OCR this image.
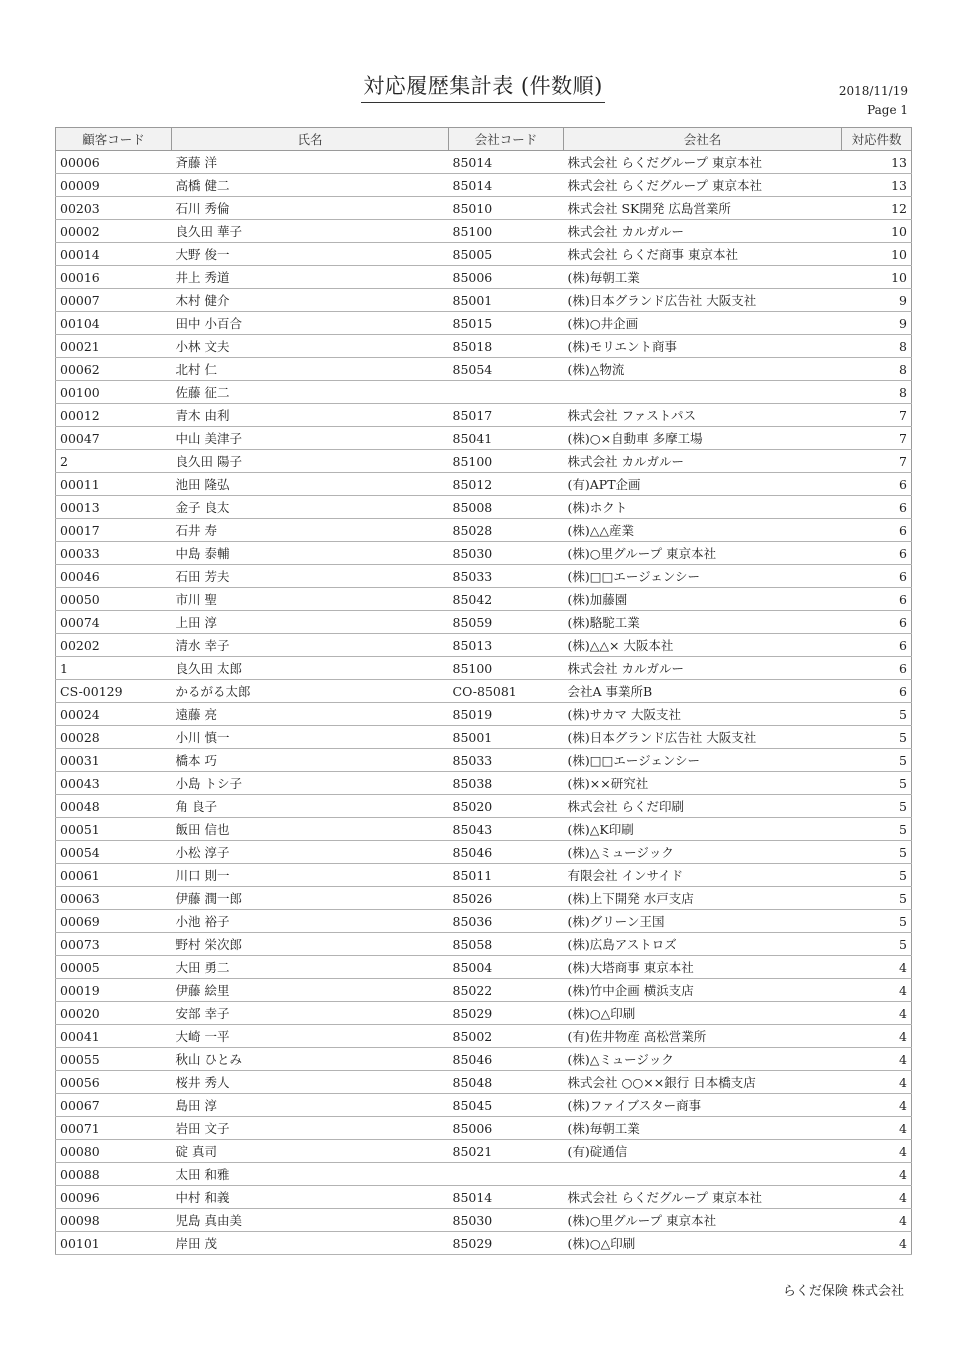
対応履歴集計表 (件数順)	2018/11/19
Page 1
顧客コード	氏名	会社コード	会社名	対応件数
00006	斉藤 洋	85014	株式会社 らくだグループ 東京本社	13
00009	高橋 健二	85014	株式会社 らくだグループ 東京本社	13
00203	石川 秀倫	85010	株式会社 SK開発 広島営業所	12
00002	良久田 華子	85100	株式会社 カルガルー	10
00014	大野 俊一	85005	株式会社 らくだ商事 東京本社	10
00016	井上 秀道	85006	(株)毎朝工業	10
00007	木村 健介	85001	(株)日本グランド広告社 大阪支社	9
00104	田中 小百合	85015	(株)○井企画	9
00021	小林 文夫	85018	(株)モリエント商事	8
00062	北村 仁	85054	(株)△物流	8
00100	佐藤 征二			8
00012	青木 由利	85017	株式会社 ファストパス	7
00047	中山 美津子	85041	(株)○×自動車 多摩工場	7
2	良久田 陽子	85100	株式会社 カルガルー	7
00011	池田 隆弘	85012	(有)APT企画	6
00013	金子 良太	85008	(株)ホクト	6
00017	石井 寿	85028	(株)△△産業	6
00033	中島 泰輔	85030	(株)○里グループ 東京本社	6
00046	石田 芳夫	85033	(株)□□エージェンシー	6
00050	市川 聖	85042	(株)加藤園	6
00074	上田 淳	85059	(株)駱駝工業	6
00202	清水 幸子	85013	(株)△△× 大阪本社	6
1	良久田 太郎	85100	株式会社 カルガルー	6
CS-00129	かるがる太郎	CO-85081	会社A 事業所B	6
00024	遠藤 亮	85019	(株)サカマ 大阪支社	5
00028	小川 慎一	85001	(株)日本グランド広告社 大阪支社	5
00031	橋本 巧	85033	(株)□□エージェンシー	5
00043	小島 トシ子	85038	(株)××研究社	5
00048	角 良子	85020	株式会社 らくだ印刷	5
00051	飯田 信也	85043	(株)△K印刷	5
00054	小松 淳子	85046	(株)△ミュージック	5
00061	川口 則一	85011	有限会社 インサイド	5
00063	伊藤 潤一郎	85026	(株)上下開発 水戸支店	5
00069	小池 裕子	85036	(株)グリーン王国	5
00073	野村 栄次郎	85058	(株)広島アストロズ	5
00005	大田 勇二	85004	(株)大塔商事 東京本社	4
00019	伊藤 絵里	85022	(株)竹中企画 横浜支店	4
00020	安部 幸子	85029	(株)○△印刷	4
00041	大崎 一平	85002	(有)佐井物産 高松営業所	4
00055	秋山 ひとみ	85046	(株)△ミュージック	4
00056	桜井 秀人	85048	株式会社 ○○××銀行 日本橋支店	4
00067	島田 淳	85045	(株)ファイブスター商事	4
00071	岩田 文子	85006	(株)毎朝工業	4
00080	碇 真司	85021	(有)碇通信	4
00088	太田 和雅			4
00096	中村 和義	85014	株式会社 らくだグループ 東京本社	4
00098	児島 真由美	85030	(株)○里グループ 東京本社	4
00101	岸田 茂	85029	(株)○△印刷	4
らくだ保険 株式会社
